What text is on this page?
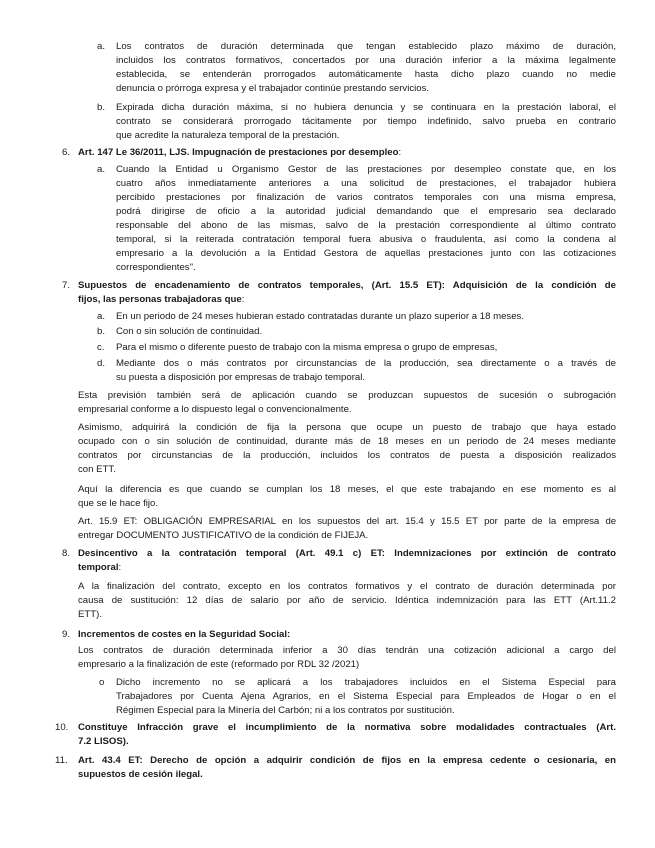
a. Los contratos de duración determinada que tengan establecido plazo máximo de duración,
incluidos los contratos formativos, concertados por una duración inferior a la máxima legalmente
establecida, se entenderán prorrogados automáticamente hasta dicho plazo cuando no medie
denuncia o prórroga expresa y el trabajador continúe prestando servicios.
b. Expirada dicha duración máxima, si no hubiera denuncia y se continuara en la prestación laboral, el
contrato se considerará prorrogado tácitamente por tiempo indefinido, salvo prueba en contrario
que acredite la naturaleza temporal de la prestación.
6. Art. 147 Le 36/2011, LJS. Impugnación de prestaciones por desempleo:
a. Cuando la Entidad u Organismo Gestor de las prestaciones por desempleo constate que, en los
cuatro años inmediatamente anteriores a una solicitud de prestaciones, el trabajador hubiera
percibido prestaciones por finalización de varios contratos temporales con una misma empresa,
podrá dirigirse de oficio a la autoridad judicial demandando que el empresario sea declarado
responsable del abono de las mismas, salvo de la prestación correspondiente al último contrato
temporal, si la reiterada contratación temporal fuera abusiva o fraudulenta, así como la condena al
empresario a la devolución a la Entidad Gestora de aquellas prestaciones junto con las cotizaciones
correspondientes".
7. Supuestos de encadenamiento de contratos temporales, (Art. 15.5 ET): Adquisición de la condición de
fijos, las personas trabajadoras que:
a. En un periodo de 24 meses hubieran estado contratadas durante un plazo superior a 18 meses.
b. Con o sin solución de continuidad.
c. Para el mismo o diferente puesto de trabajo con la misma empresa o grupo de empresas,
d. Mediante dos o más contratos por circunstancias de la producción, sea directamente o a través de
su puesta a disposición por empresas de trabajo temporal.
Esta previsión también será de aplicación cuando se produzcan supuestos de sucesión o subrogación
empresarial conforme a lo dispuesto legal o convencionalmente.
Asimismo, adquirirá la condición de fija la persona que ocupe un puesto de trabajo que haya estado
ocupado con o sin solución de continuidad, durante más de 18 meses en un periodo de 24 meses mediante
contratos por circunstancias de la producción, incluidos los contratos de puesta a disposición realizados
con ETT.
Aquí la diferencia es que cuando se cumplan los 18 meses, el que este trabajando en ese momento es al
que se le hace fijo.
Art. 15.9 ET: OBLIGACIÓN EMPRESARIAL en los supuestos del art. 15.4 y 15.5 ET por parte de la empresa de
entregar DOCUMENTO JUSTIFICATIVO de la condición de FIJEJA.
8. Desincentivo a la contratación temporal (Art. 49.1 c) ET: Indemnizaciones por extinción de contrato
temporal:
A la finalización del contrato, excepto en los contratos formativos y el contrato de duración determinada por
causa de sustitución: 12 días de salario por año de servicio. Idéntica indemnización para las ETT (Art.11.2
ETT).
9. Incrementos de costes en la Seguridad Social:
Los contratos de duración determinada inferior a 30 días tendrán una cotización adicional a cargo del
empresario a la finalización de este (reformado por RDL 32 /2021)
o Dicho incremento no se aplicará a los trabajadores incluidos en el Sistema Especial para
Trabajadores por Cuenta Ajena Agrarios, en el Sistema Especial para Empleados de Hogar o en el
Régimen Especial para la Minería del Carbón; ni a los contratos por sustitución.
10. Constituye Infracción grave el incumplimiento de la normativa sobre modalidades contractuales (Art.
7.2 LISOS).
11. Art. 43.4 ET: Derecho de opción a adquirir condición de fijos en la empresa cedente o cesionaria, en
supuestos de cesión ilegal.
